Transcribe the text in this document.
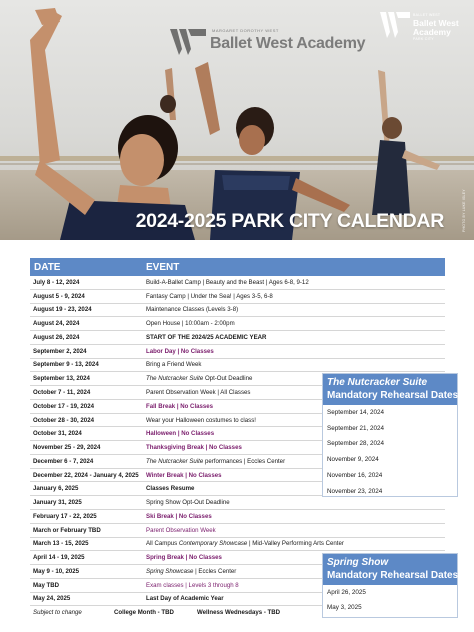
MARGARET DOROTHY WEST
Ballet West Academy
BALLET WEST
Ballet West
Academy
PARK CITY
2024-2025 PARK CITY CALENDAR	PHOTO BY LUKE ISLEY
DATE	EVENT
July 8 - 12, 2024	Build-A-Ballet Camp | Beauty and the Beast | Ages 6-8, 9-12
August 5 - 9, 2024	Fantasy Camp | Under the Sea! | Ages 3-5, 6-8
August 19 - 23, 2024	Maintenance Classes (Levels 3-8)
August 24, 2024	Open House | 10:00am - 2:00pm
August 26, 2024	START OF THE 2024/25 ACADEMIC YEAR
September 2, 2024	Labor Day | No Classes
September 9 - 13, 2024	Bring a Friend Week
September 13, 2024	The Nutcracker Suite Opt-Out Deadline
October 7 - 11, 2024	Parent Observation Week | All Classes
October 17 - 19, 2024	Fall Break | No Classes
October 28 - 30, 2024	Wear your Halloween costumes to class!
October 31, 2024	Halloween | No Classes
November 25 - 29, 2024	Thanksgiving Break | No Classes
December 6 - 7, 2024	The Nutcracker Suite performances | Eccles Center
December 22, 2024 - January 4, 2025	Winter Break | No Classes
January 6, 2025	Classes Resume
January 31, 2025	Spring Show Opt-Out Deadline
February 17 - 22, 2025	Ski Break | No Classes
March or February TBD	Parent Observation Week
March 13 - 15, 2025	All Campus Contemporary Showcase | Mid-Valley Performing Arts Center
April 14 - 19, 2025	Spring Break | No Classes
May 9 - 10, 2025	Spring Showcase | Eccles Center
May TBD	Exam classes | Levels 3 through 8
May 24, 2025	Last Day of Academic Year
Subject to change	College Month - TBD	Wellness Wednesdays - TBD
The Nutcracker Suite
Mandatory Rehearsal Dates
September 14, 2024
September 21, 2024
September 28, 2024
November 9, 2024
November 16, 2024
November 23, 2024
Spring Show
Mandatory Rehearsal Dates
April 26, 2025
May 3, 2025
